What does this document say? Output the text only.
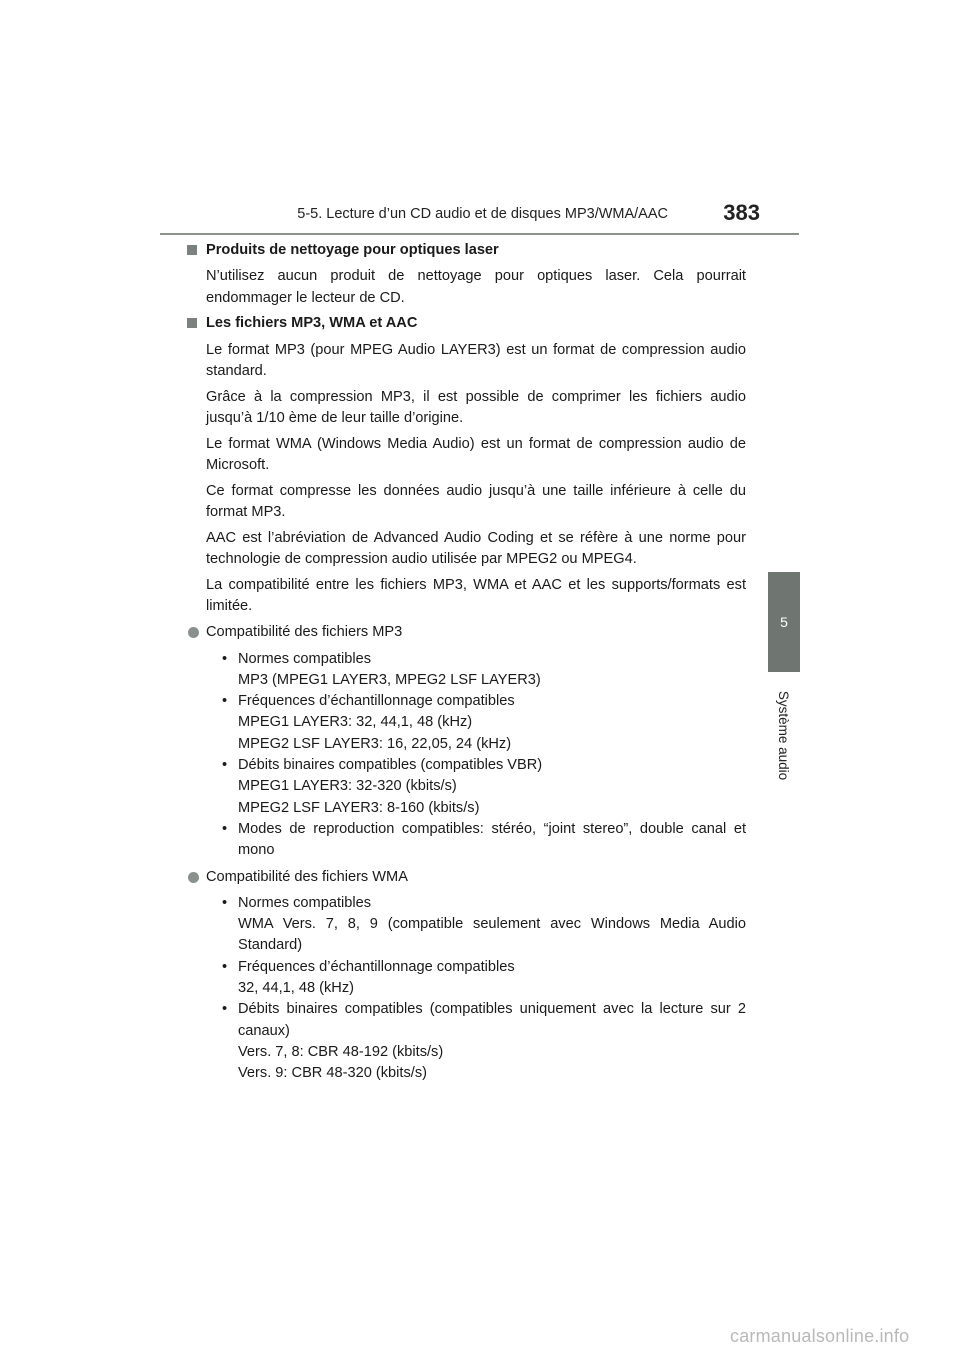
5-5. Lecture d’un CD audio et de disques MP3/WMA/AAC	383
5
Système audio
Produits de nettoyage pour optiques laser

N’utilisez aucun produit de nettoyage pour optiques laser. Cela pourrait endommager le lecteur de CD.

Les fichiers MP3, WMA et AAC

Le format MP3 (pour MPEG Audio LAYER3) est un format de compression audio standard.

Grâce à la compression MP3, il est possible de comprimer les fichiers audio jusqu’à 1/10 ème de leur taille d’origine.

Le format WMA (Windows Media Audio) est un format de compression audio de Microsoft.

Ce format compresse les données audio jusqu’à une taille inférieure à celle du format MP3.

AAC est l’abréviation de Advanced Audio Coding et se réfère à une norme pour technologie de compression audio utilisée par MPEG2 ou MPEG4.

La compatibilité entre les fichiers MP3, WMA et AAC et les supports/formats est limitée.

Compatibilité des fichiers MP3
• Normes compatibles
MP3 (MPEG1 LAYER3, MPEG2 LSF LAYER3)
• Fréquences d’échantillonnage compatibles
MPEG1 LAYER3: 32, 44,1, 48 (kHz)
MPEG2 LSF LAYER3: 16, 22,05, 24 (kHz)
• Débits binaires compatibles (compatibles VBR)
MPEG1 LAYER3: 32-320 (kbits/s)
MPEG2 LSF LAYER3: 8-160 (kbits/s)
• Modes de reproduction compatibles: stéréo, “joint stereo”, double canal et mono
Compatibilité des fichiers WMA
• Normes compatibles
WMA Vers. 7, 8, 9 (compatible seulement avec Windows Media Audio Standard)
• Fréquences d’échantillonnage compatibles
32, 44,1, 48 (kHz)
• Débits binaires compatibles (compatibles uniquement avec la lecture sur 2 canaux)
Vers. 7, 8: CBR 48-192 (kbits/s)
Vers. 9: CBR 48-320 (kbits/s)
carmanualsonline.info
